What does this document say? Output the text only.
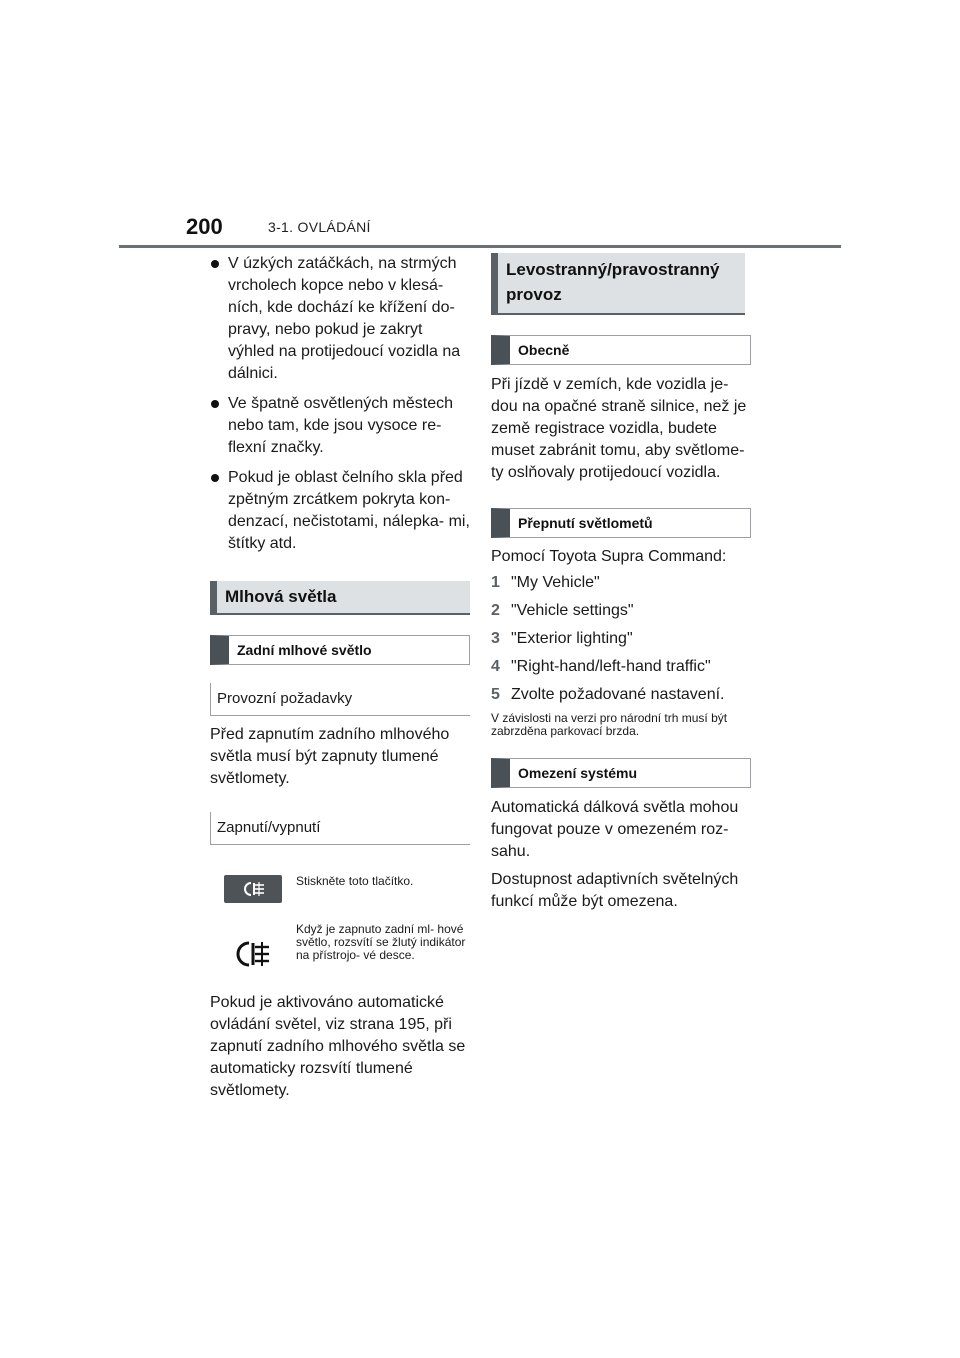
200	3-1. OVLÁDÁNÍ
V úzkých zatáčkách, na strmých vrcholech kopce nebo v klesá- ních, kde dochází ke křížení do- pravy, nebo pokud je zakryt výhled na protijedoucí vozidla na dálnici.
Ve špatně osvětlených městech nebo tam, kde jsou vysoce re- flexní značky.
Pokud je oblast čelního skla před zpětným zrcátkem pokryta kon- denzací, nečistotami, nálepka- mi, štítky atd.
Mlhová světla
Zadní mlhové světlo
Provozní požadavky

Před zapnutím zadního mlhového světla musí být zapnuty tlumené světlomety.

Zapnutí/vypnutí
Stiskněte toto tlačítko.
Když je zapnuto zadní ml- hové světlo, rozsvítí se žlutý indikátor na přístrojo- vé desce.

Pokud je aktivováno automatické ovládání světel, viz strana 195, při zapnutí zadního mlhového světla se automaticky rozsvítí tlumené světlomety.

Levostranný/pravostranný provoz
Obecně

Při jízdě v zemích, kde vozidla je- dou na opačné straně silnice, než je země registrace vozidla, budete muset zabránit tomu, aby světlome- ty oslňovaly protijedoucí vozidla.

Přepnutí světlometů

Pomocí Toyota Supra Command:

1 "My Vehicle"
2 "Vehicle settings"
3 "Exterior lighting"
4 "Right-hand/left-hand traffic"
5 Zvolte požadované nastavení.

V závislosti na verzi pro národní trh musí být zabrzděna parkovací brzda.

Omezení systému

Automatická dálková světla mohou fungovat pouze v omezeném roz- sahu.

Dostupnost adaptivních světelných funkcí může být omezena.
